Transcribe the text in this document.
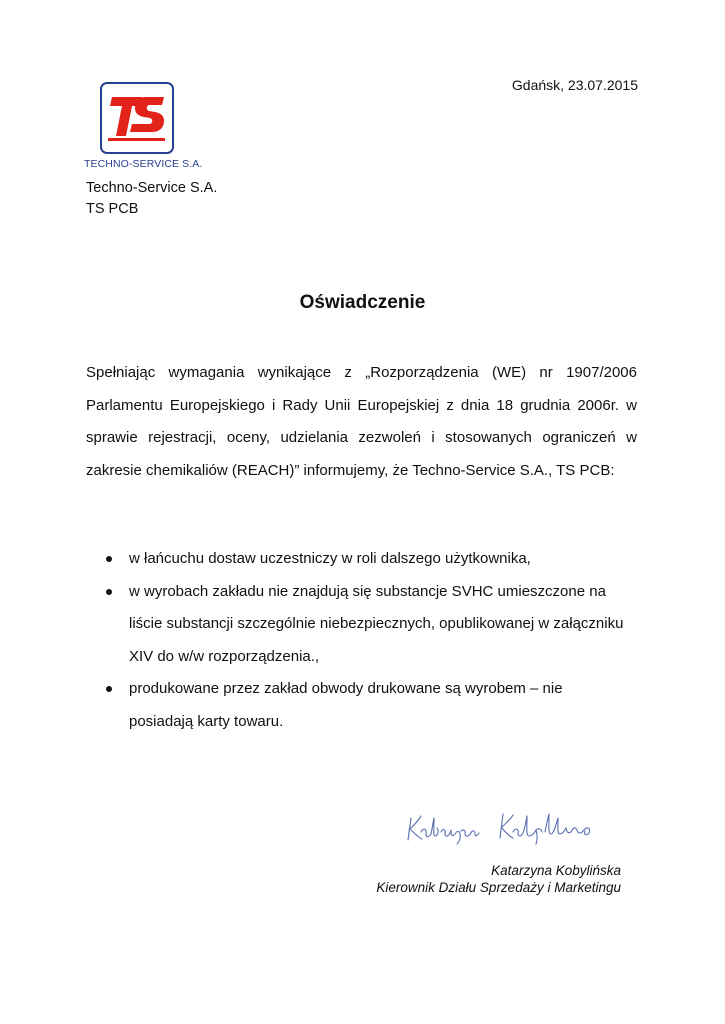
Gdańsk, 23.07.2015
TECHNO-SERVICE S.A.
Techno-Service S.A.
TS PCB
Oświadczenie

Spełniając wymagania wynikające z „Rozporządzenia (WE) nr 1907/2006 Parlamentu Europejskiego i Rady Unii Europejskiej z dnia 18 grudnia 2006r. w sprawie rejestracji, oceny, udzielania zezwoleń i stosowanych ograniczeń w zakresie chemikaliów (REACH)” informujemy, że Techno-Service S.A., TS PCB:

w łańcuchu dostaw uczestniczy w roli dalszego użytkownika,
w wyrobach zakładu nie znajdują się substancje SVHC umieszczone na liście substancji szczególnie niebezpiecznych, opublikowanej w załączniku XIV do w/w rozporządzenia.,
produkowane przez zakład obwody drukowane są wyrobem – nie posiadają karty towaru.
Katarzyna Kobylińska
Kierownik Działu Sprzedaży i Marketingu
